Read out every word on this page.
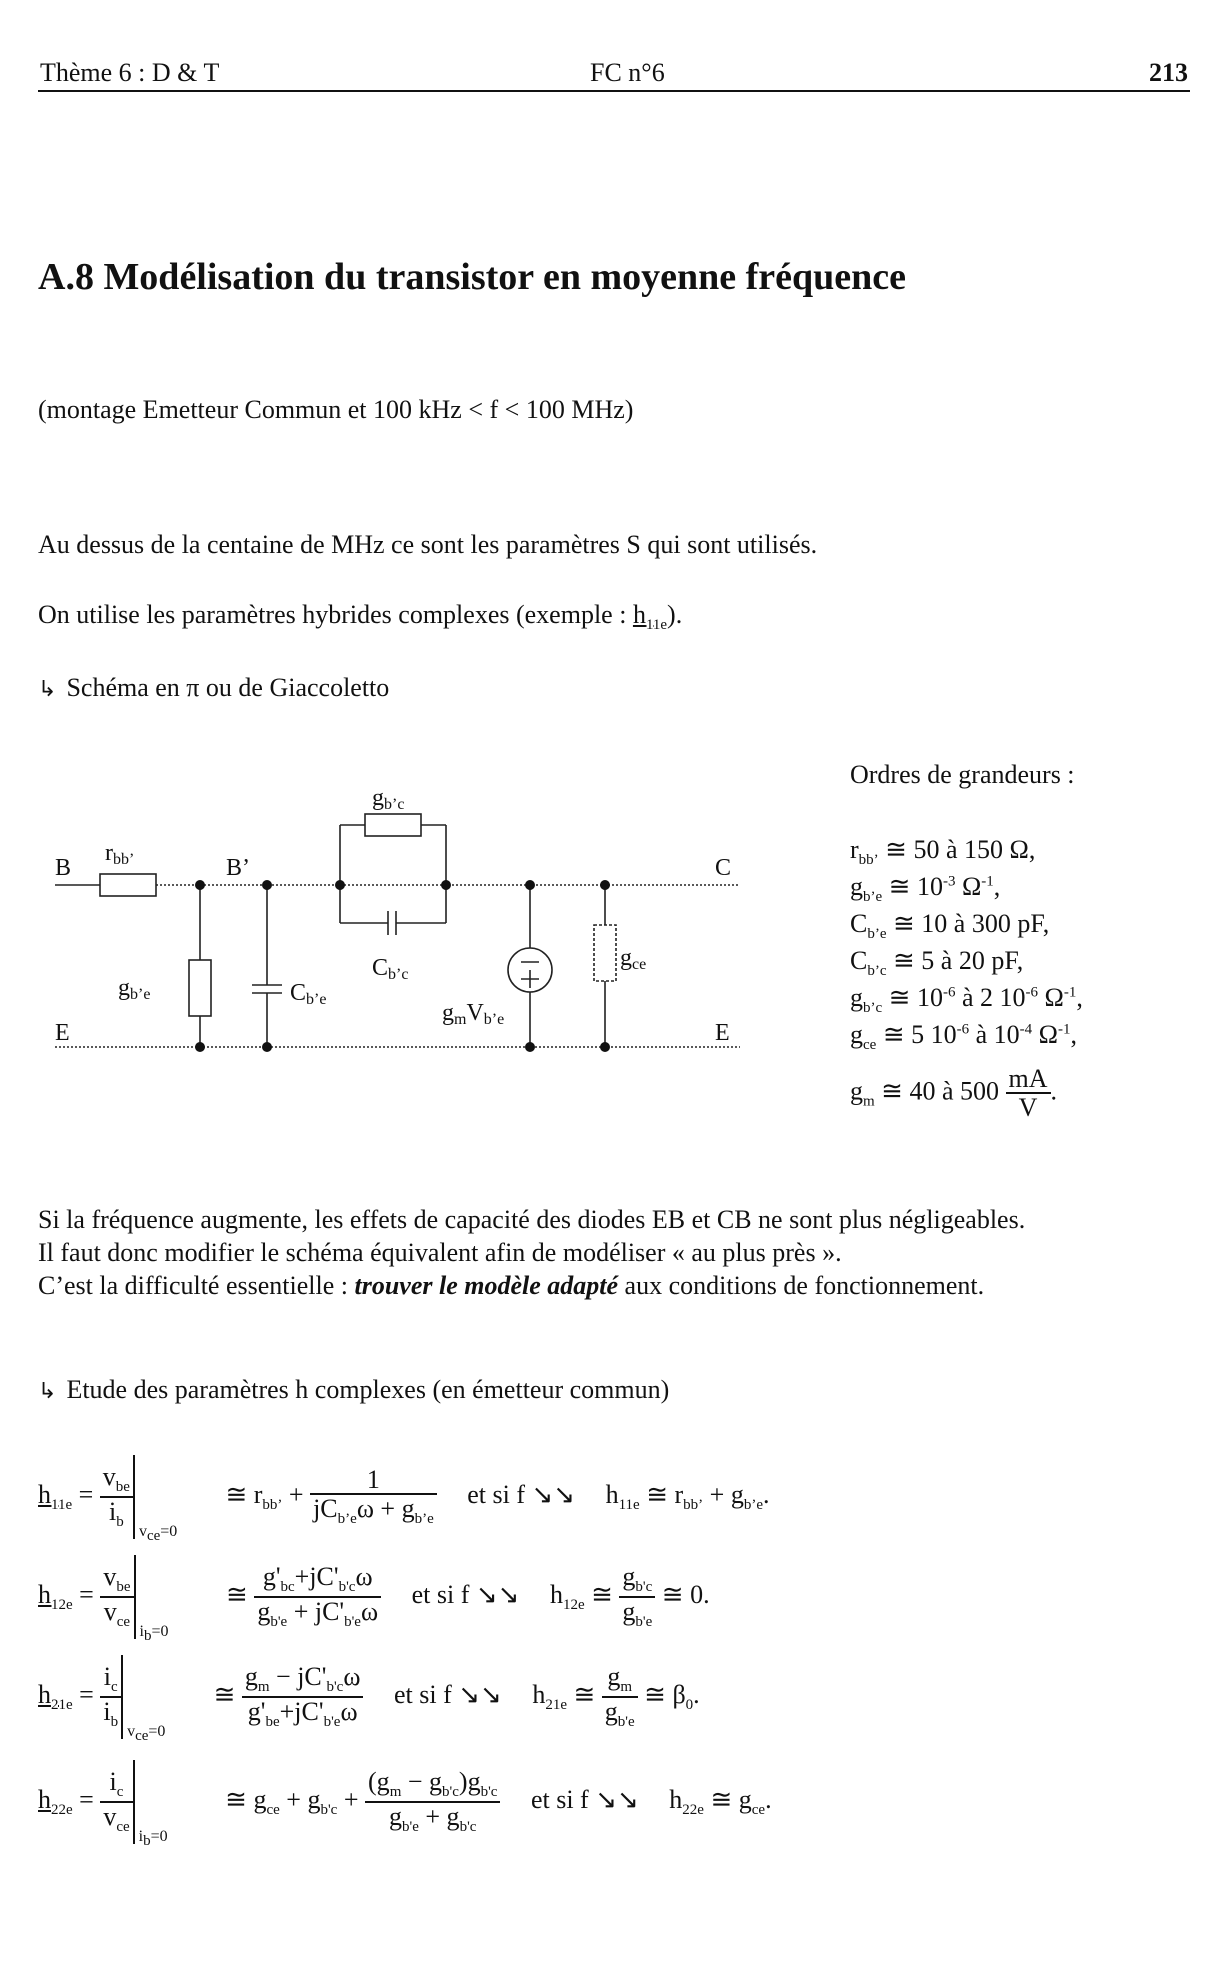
Thème 6 : D & T	FC n°6	213
A.8 Modélisation du transistor en moyenne fréquence
(montage Emetteur Commun et 100 kHz < f < 100 MHz)
Au dessus de la centaine de MHz ce sont les paramètres S qui sont utilisés.
On utilise les paramètres hybrides complexes (exemple : $h_{11e}$).
↳ Schéma en π ou de Giaccoletto
B	B’	C
E	E
rbb’
gb’c
gb’e	Cb’e
Cb’c
gmVb’e
gce
Ordres de grandeurs :
$r_{bb’}$ ≅ 50 à 150 Ω,
$g_{b’e}$ ≅ $10^{-3}$ $\Omega^{-1}$,
$C_{b’e}$ ≅ 10 à 300 pF,
$C_{b’c}$ ≅ 5 à 20 pF,
$g_{b’c}$ ≅ $10^{-6}$ à 2 $10^{-6}$ $\Omega^{-1}$,
$g_{ce}$ ≅ 5 $10^{-6}$ à $10^{-4}$ $\Omega^{-1}$,
$g_m$ ≅ 40 à $500 \frac{mA}{V}$ .
Si la fréquence augmente, les effets de capacité des diodes EB et CB ne sont plus négligeables.
Il faut donc modifier le schéma équivalent afin de modéliser « au plus près ».
C’est la difficulté essentielle : trouver le modèle adapté aux conditions de fonctionnement.
↳ Etude des paramètres h complexes (en émetteur commun)
$h_{11e} = \frac{v_{be}}{i_b}$
$v_{ce}=0$
≅ $r_{bb’} + \frac{1}{jC_{b’e}\omega + g_{b’e}}$ et si f ↘↘ $h_{11e}$ ≅ $r_{bb’} + g_{b’e}$.
$h_{12e} = \frac{v_{be}}{v_{ce}}$
$i_b=0$
≅ $\frac{g'_{bc}+jC'_{b'c}\omega}{g_{b'e} + jC'_{b'e}\omega}$ et si f ↘↘ $h_{12e}$ ≅ $\frac{g_{b'c}}{g_{b'e}}$ ≅ 0.
$h_{21e} = \frac{i_c}{i_b}$
$v_{ce}=0$
≅ $\frac{g_m - jC'_{b'c}\omega}{g'_{be}+jC'_{b'e}\omega}$ et si f ↘↘ $h_{21e}$ ≅ $\frac{g_m}{g_{b'e}}$ ≅ $\beta_0$.
$h_{22e} = \frac{i_c}{v_{ce}}$
$i_b=0$
≅ $g_{ce} + g_{b'c} + \frac{(g_m - g_{b'c})g_{b'c}}{g_{b'e} + g_{b'c}}$ et si f ↘↘ $h_{22e}$ ≅ $g_{ce}$.
